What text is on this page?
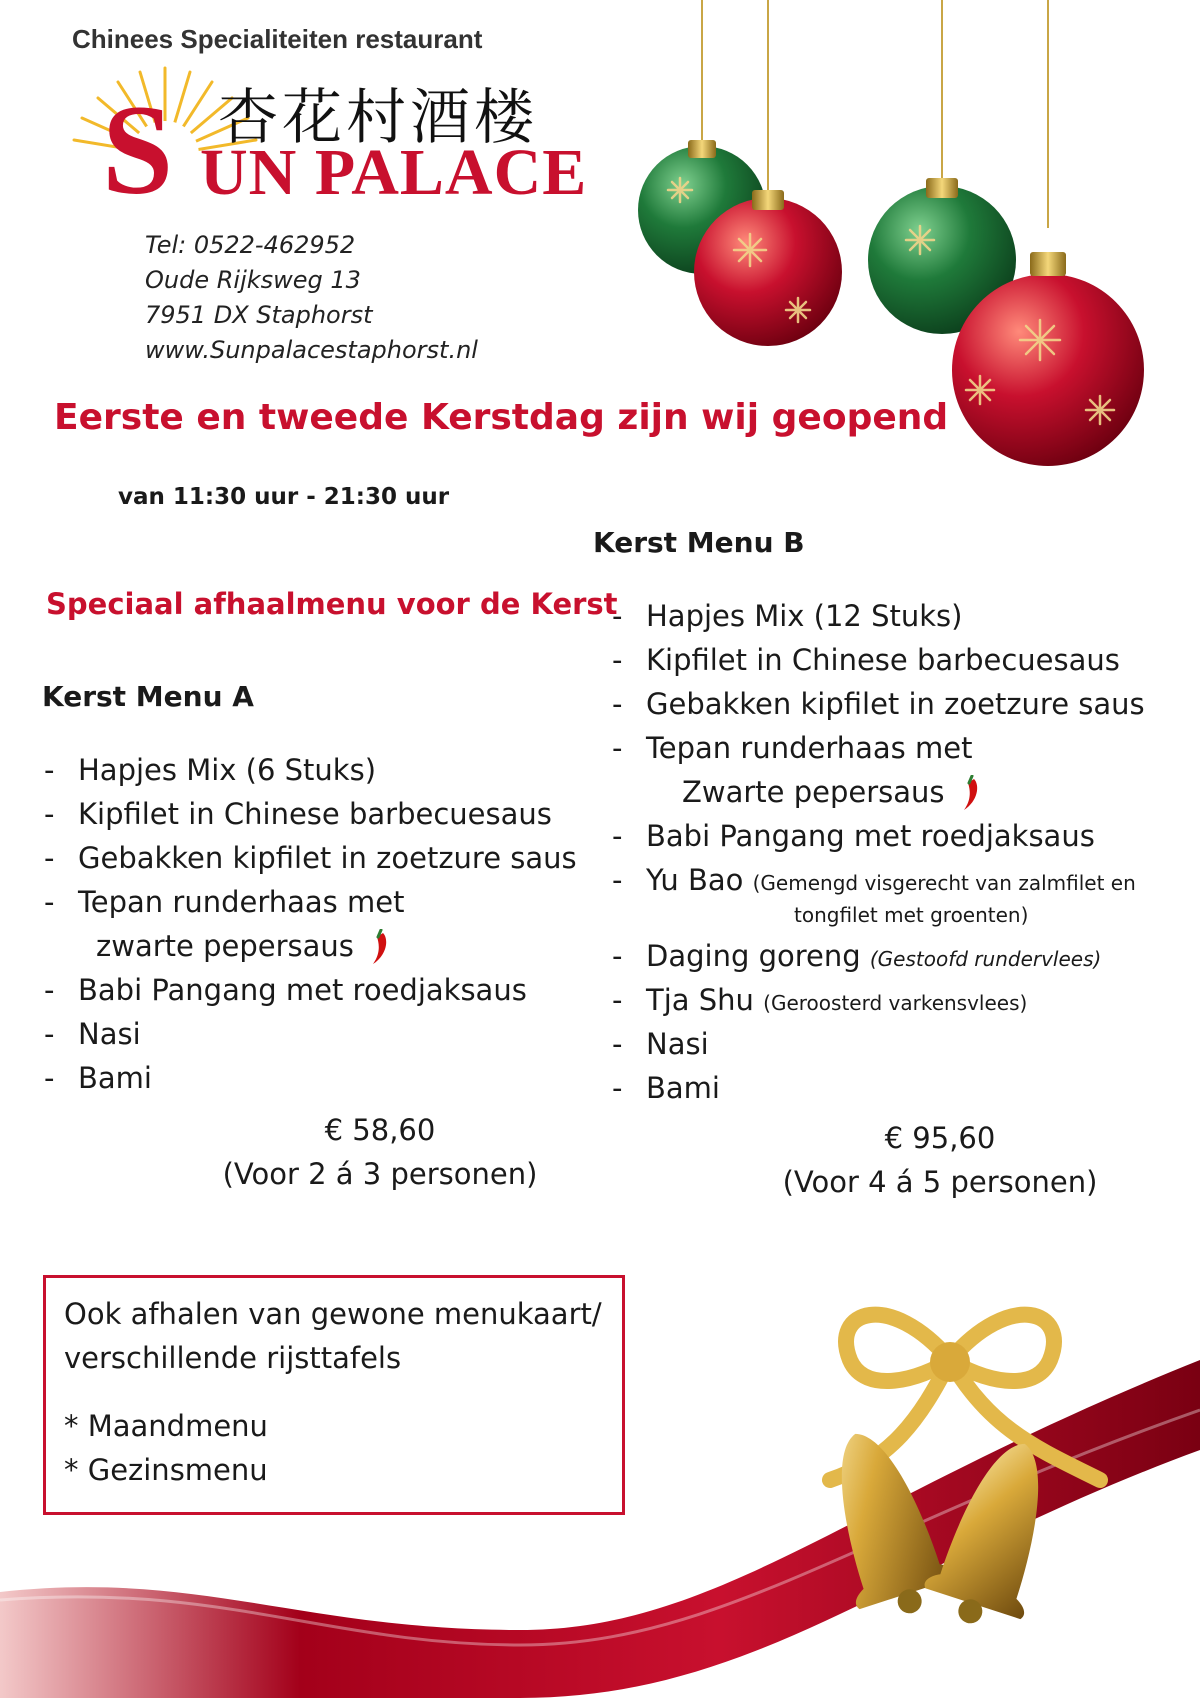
Chinees Specialiteiten restaurant
杏花村酒楼
S UN PALACE
Tel: 0522-462952
Oude Rijksweg 13
7951 DX Staphorst
www.Sunpalacestaphorst.nl
Eerste en tweede Kerstdag zijn wij geopend
van 11:30 uur - 21:30 uur
Speciaal afhaalmenu voor de Kerst
Kerst Menu A
- Hapjes Mix (6 Stuks)
- Kipfilet in Chinese barbecuesaus
- Gebakken kipfilet in zoetzure saus
- Tepan runderhaas met
zwarte pepersaus
- Babi Pangang met roedjaksaus
- Nasi
- Bami
€ 58,60
(Voor 2 á 3 personen)
Kerst Menu B
- Hapjes Mix (12 Stuks)
- Kipfilet in Chinese barbecuesaus
- Gebakken kipfilet in zoetzure saus
- Tepan runderhaas met
Zwarte pepersaus
- Babi Pangang met roedjaksaus
- Yu Bao (Gemengd visgerecht van zalmfilet en
tongfilet met groenten)
- Daging goreng (Gestoofd rundervlees)
- Tja Shu (Geroosterd varkensvlees)
- Nasi
- Bami
€ 95,60
(Voor 4 á 5 personen)
Ook afhalen van gewone menukaart/
verschillende rijsttafels
* Maandmenu
* Gezinsmenu
